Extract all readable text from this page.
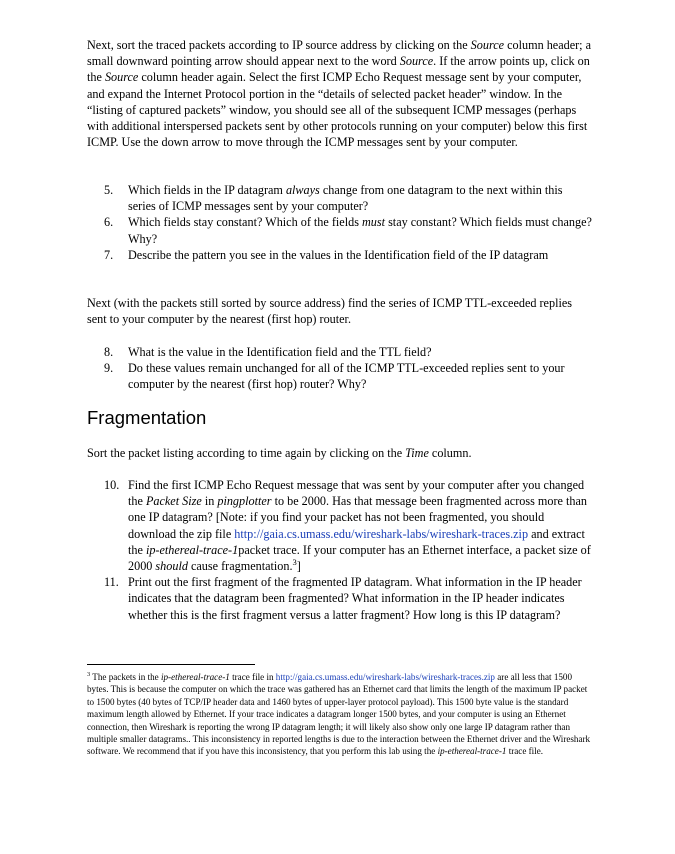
Next, sort the traced packets according to IP source address by clicking on the Source column header; a small downward pointing arrow should appear next to the word Source. If the arrow points up, click on the Source column header again. Select the first ICMP Echo Request message sent by your computer, and expand the Internet Protocol portion in the “details of selected packet header” window. In the “listing of captured packets” window, you should see all of the subsequent ICMP messages (perhaps with additional interspersed packets sent by other protocols running on your computer) below this first ICMP. Use the down arrow to move through the ICMP messages sent by your computer.

5. Which fields in the IP datagram always change from one datagram to the next within this series of ICMP messages sent by your computer?
6. Which fields stay constant? Which of the fields must stay constant? Which fields must change? Why?
7. Describe the pattern you see in the values in the Identification field of the IP datagram

Next (with the packets still sorted by source address) find the series of ICMP TTL-exceeded replies sent to your computer by the nearest (first hop) router.

8. What is the value in the Identification field and the TTL field?
9. Do these values remain unchanged for all of the ICMP TTL-exceeded replies sent to your computer by the nearest (first hop) router? Why?
Fragmentation

Sort the packet listing according to time again by clicking on the Time column.

10. Find the first ICMP Echo Request message that was sent by your computer after you changed the Packet Size in pingplotter to be 2000. Has that message been fragmented across more than one IP datagram? [Note: if you find your packet has not been fragmented, you should download the zip file http://gaia.cs.umass.edu/wireshark-labs/wireshark-traces.zip and extract the ip-ethereal-trace-1packet trace. If your computer has an Ethernet interface, a packet size of 2000 should cause fragmentation.$^3$]
11. Print out the first fragment of the fragmented IP datagram. What information in the IP header indicates that the datagram been fragmented? What information in the IP header indicates whether this is the first fragment versus a latter fragment? How long is this IP datagram?

$^3$ The packets in the ip-ethereal-trace-1 trace file in http://gaia.cs.umass.edu/wireshark-labs/wireshark-traces.zip are all less that 1500 bytes. This is because the computer on which the trace was gathered has an Ethernet card that limits the length of the maximum IP packet to 1500 bytes (40 bytes of TCP/IP header data and 1460 bytes of upper-layer protocol payload). This 1500 byte value is the standard maximum length allowed by Ethernet. If your trace indicates a datagram longer 1500 bytes, and your computer is using an Ethernet connection, then Wireshark is reporting the wrong IP datagram length; it will likely also show only one large IP datagram rather than multiple smaller datagrams.. This inconsistency in reported lengths is due to the interaction between the Ethernet driver and the Wireshark software. We recommend that if you have this inconsistency, that you perform this lab using the ip-ethereal-trace-1 trace file.
